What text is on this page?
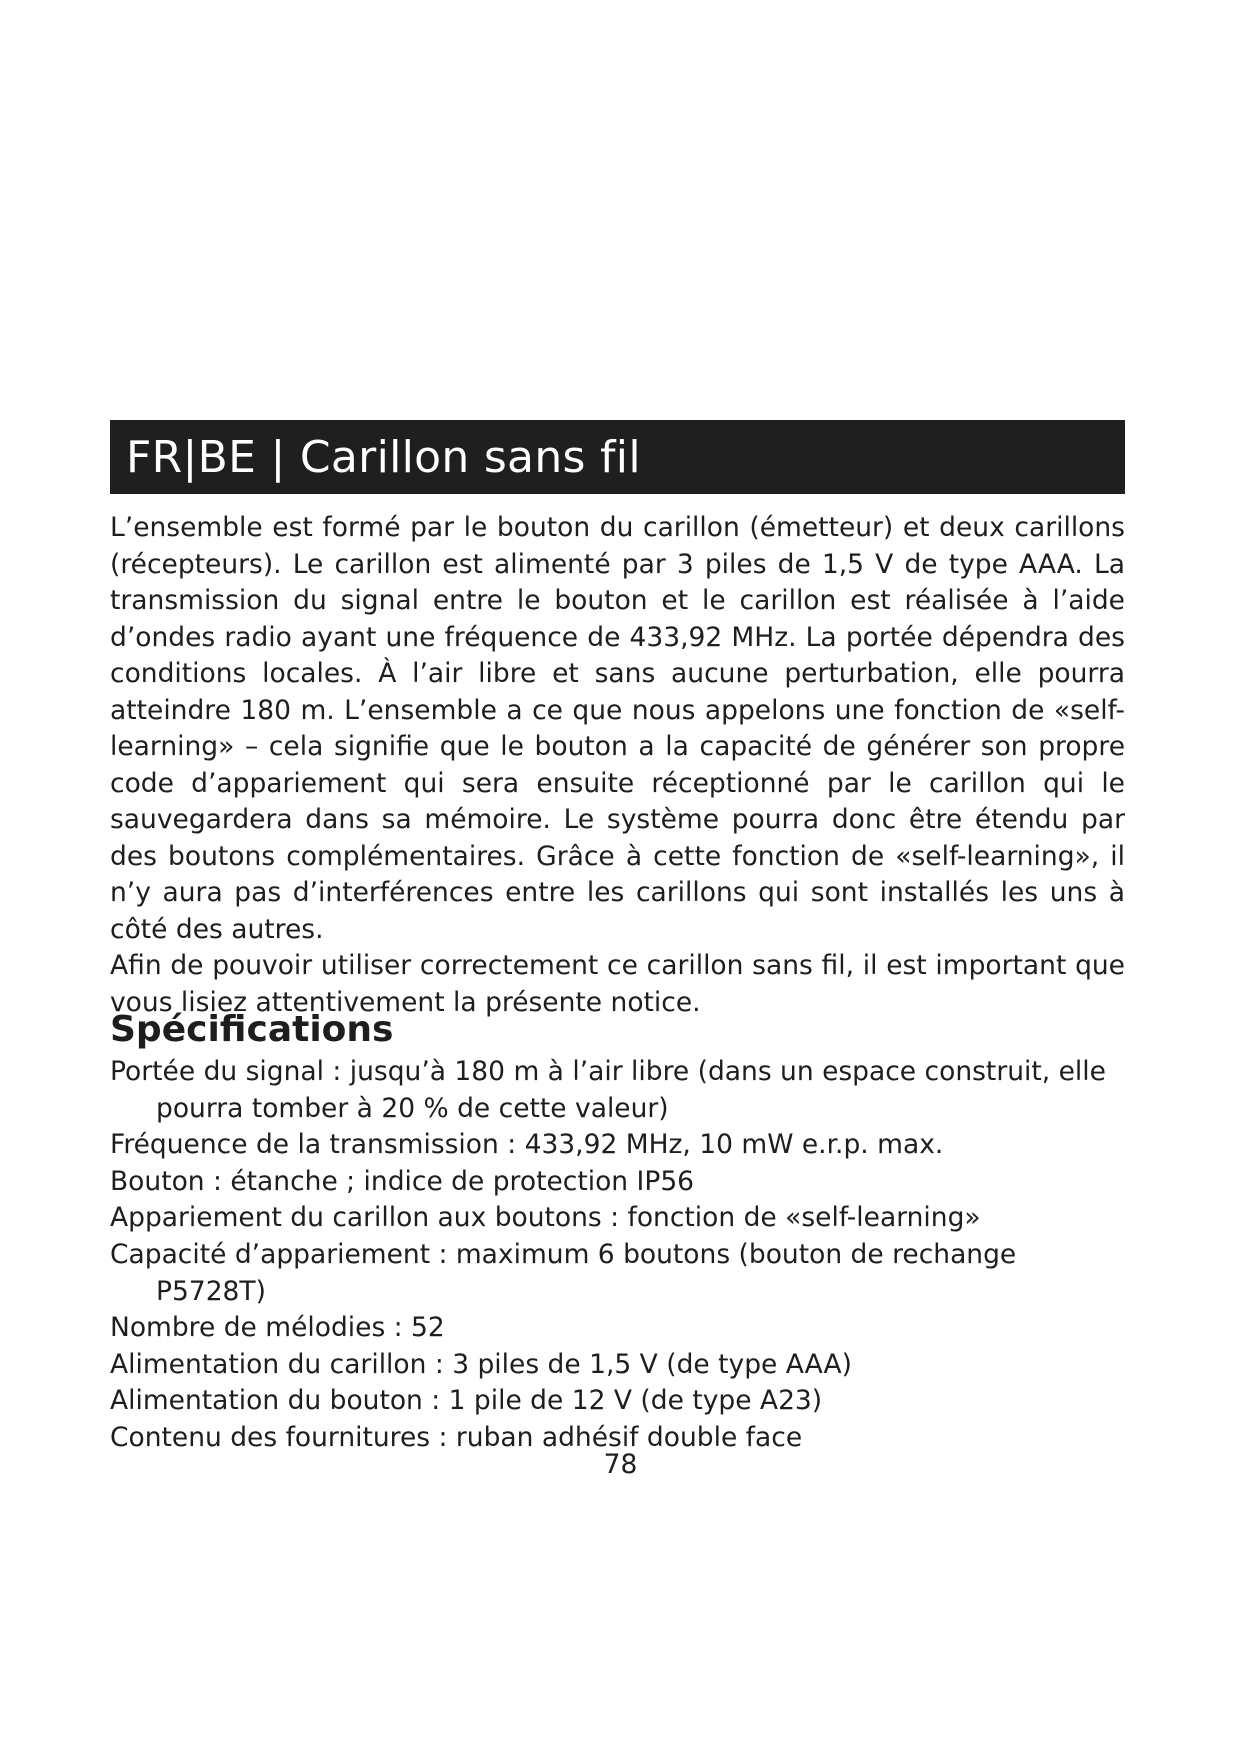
FR|BE | Carillon sans fil

L’ensemble est formé par le bouton du carillon (émetteur) et deux carillons (récepteurs). Le carillon est alimenté par 3 piles de 1,5 V de type AAA. La transmission du signal entre le bouton et le carillon est réalisée à l’aide d’ondes radio ayant une fréquence de 433,92 MHz. La portée dépendra des conditions locales. À l’air libre et sans aucune perturbation, elle pourra atteindre 180 m. L’ensemble a ce que nous appelons une fonction de «self-learning» – cela signifie que le bouton a la capacité de générer son propre code d’appariement qui sera ensuite réceptionné par le carillon qui le sauvegardera dans sa mémoire. Le système pourra donc être étendu par des boutons complémentaires. Grâce à cette fonction de «self-learning», il n’y aura pas d’interférences entre les carillons qui sont installés les uns à côté des autres.

Afin de pouvoir utiliser correctement ce carillon sans fil, il est important que vous lisiez attentivement la présente notice.

Spécifications
Portée du signal : jusqu’à 180 m à l’air libre (dans un espace construit, elle pourra tomber à 20 % de cette valeur)
Fréquence de la transmission : 433,92 MHz, 10 mW e.r.p. max.
Bouton : étanche ; indice de protection IP56
Appariement du carillon aux boutons : fonction de «self-learning»
Capacité d’appariement : maximum 6 boutons (bouton de rechange P5728T)
Nombre de mélodies : 52
Alimentation du carillon : 3 piles de 1,5 V (de type AAA)
Alimentation du bouton : 1 pile de 12 V (de type A23)
Contenu des fournitures : ruban adhésif double face
78
